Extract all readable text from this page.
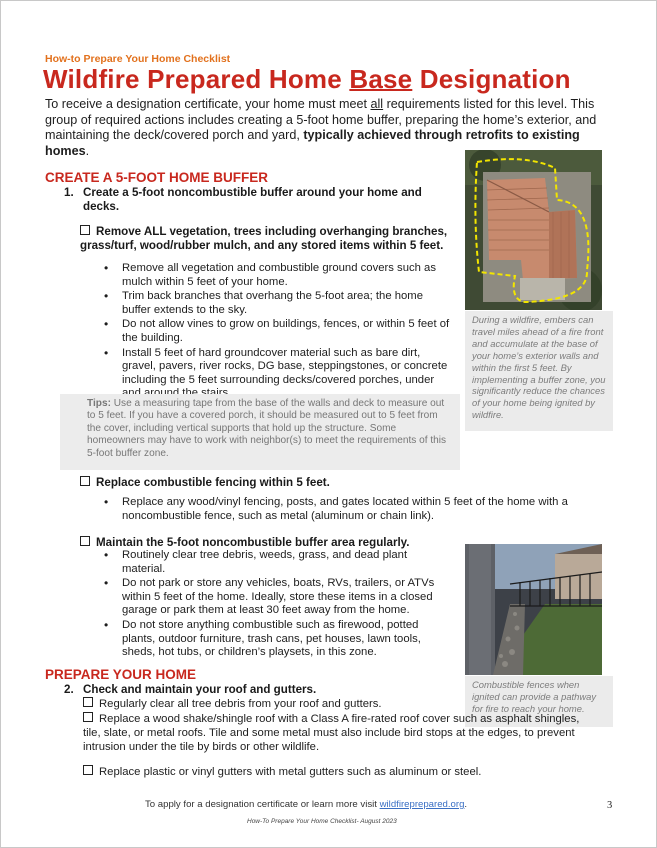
How-to Prepare Your Home Checklist
Wildfire Prepared Home Base Designation
To receive a designation certificate, your home must meet all requirements listed for this level. This group of required actions includes creating a 5-foot home buffer, preparing the home’s exterior, and maintaining the deck/covered porch and yard, typically achieved through retrofits to existing homes.
CREATE A 5-FOOT HOME BUFFER
1. Create a 5-foot noncombustible buffer around your home and decks.
Remove ALL vegetation, trees including overhanging branches, grass/turf, wood/rubber mulch, and any stored items within 5 feet.
• Remove all vegetation and combustible ground covers such as mulch within 5 feet of your home.
• Trim back branches that overhang the 5-foot area; the home buffer extends to the sky.
• Do not allow vines to grow on buildings, fences, or within 5 feet of the building.
• Install 5 feet of hard groundcover material such as bare dirt, gravel, pavers, river rocks, DG base, steppingstones, or concrete including the 5 feet surrounding decks/covered porches, under
Tips: Use a measuring tape from the base of the walls and deck to measure out to 5 feet. If you have a covered porch, it should be measured out to 5 feet from the cover, including vertical supports that hold up the structure. Some homeowners may have to work with neighbor(s) to meet the requirements of this 5-foot buffer zone.
During a wildfire, embers can travel miles ahead of a fire front and accumulate at the base of your home’s exterior walls and within the first 5 feet. By implementing a buffer zone, you significantly reduce the chances of your home being ignited by wildfire.
Replace combustible fencing within 5 feet.
• Replace any wood/vinyl fencing, posts, and gates located within 5 feet of the home with a noncombustible fence, such as metal (aluminum or chain link).
Maintain the 5-foot noncombustible buffer area regularly.
• Routinely clear tree debris, weeds, grass, and dead plant material.
• Do not park or store any vehicles, boats, RVs, trailers, or ATVs within 5 feet of the home. Ideally, store these items in a closed garage or park them at least 30 feet away from the home.
• Do not store anything combustible such as firewood, potted plants, outdoor furniture, trash cans, pet houses, lawn tools, sheds, hot tubs, or children’s playsets, in this zone.
Combustible fences when ignited can provide a pathway for fire to reach your home.
PREPARE YOUR HOME
2. Check and maintain your roof and gutters.
Regularly clear all tree debris from your roof and gutters.
Replace a wood shake/shingle roof with a Class A fire-rated roof cover such as asphalt shingles, tile, slate, or metal roofs. Tile and some metal must also include bird stops at the edges, to prevent intrusion under the tile by birds or other wildlife.
Replace plastic or vinyl gutters with metal gutters such as aluminum or steel.
To apply for a designation certificate or learn more visit wildfireprepared.org.	3
How-To Prepare Your Home Checklist- August 2023
